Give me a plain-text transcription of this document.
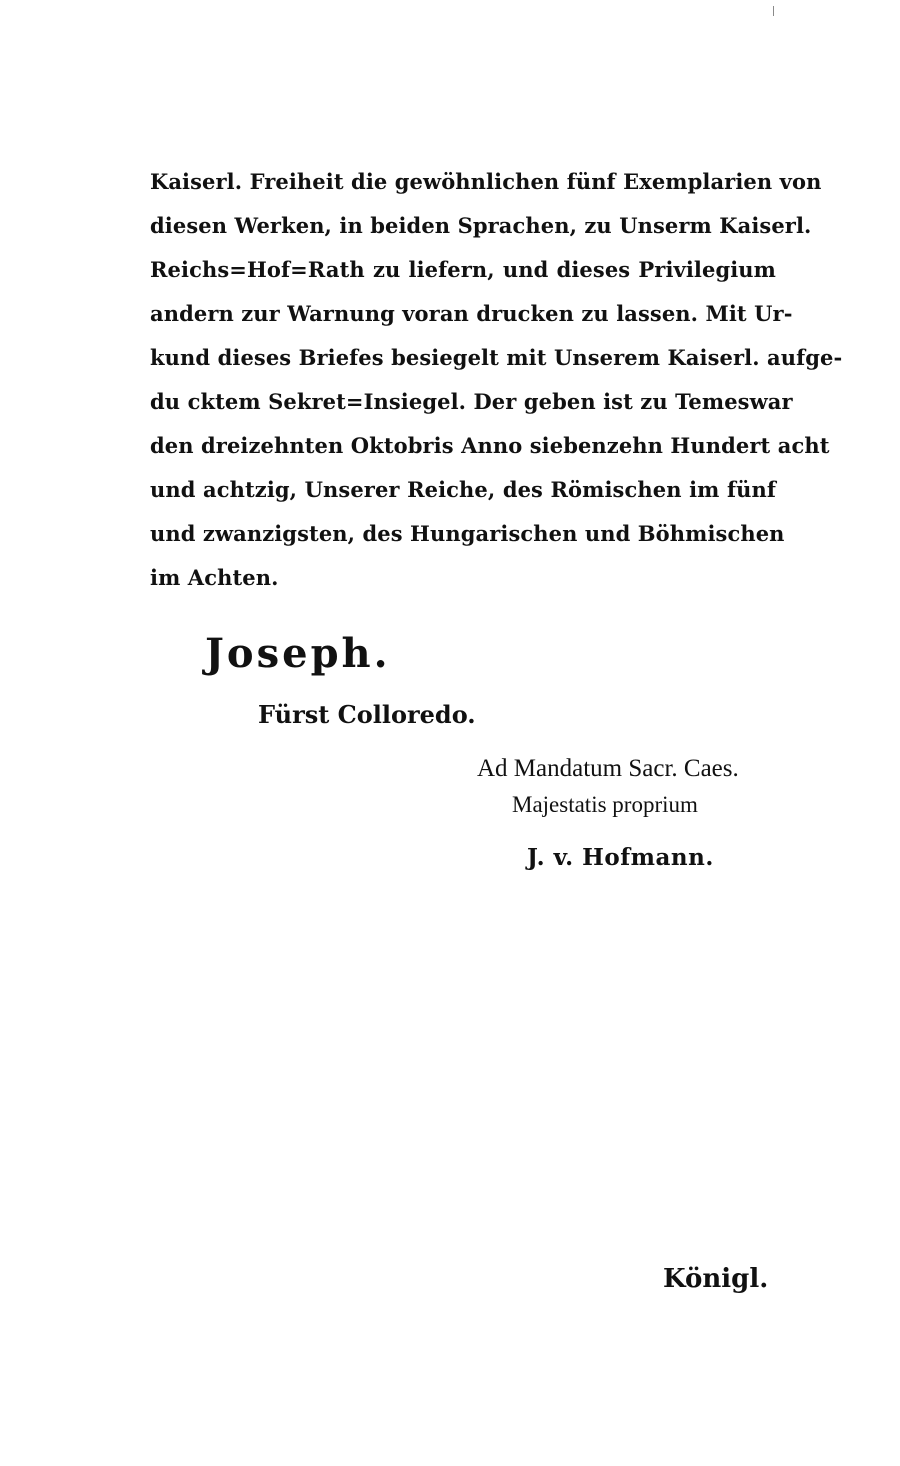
Kaiserl. Freiheit die gewöhnlichen fünf Exemplarien von
diesen Werken, in beiden Sprachen, zu Unserm Kaiserl.
Reichs=Hof=Rath zu liefern, und dieses Privilegium
andern zur Warnung voran drucken zu lassen. Mit Ur-
kund dieses Briefes besiegelt mit Unserem Kaiserl. aufge-
du cktem Sekret=Insiegel. Der geben ist zu Temeswar
den dreizehnten Oktobris Anno siebenzehn Hundert acht
und achtzig, Unserer Reiche, des Römischen im fünf
und zwanzigsten, des Hungarischen und Böhmischen
im Achten.
Joseph.
Fürst Colloredo.
Ad Mandatum Sacr. Caes.
Majestatis proprium
J. v. Hofmann.
Königl.
